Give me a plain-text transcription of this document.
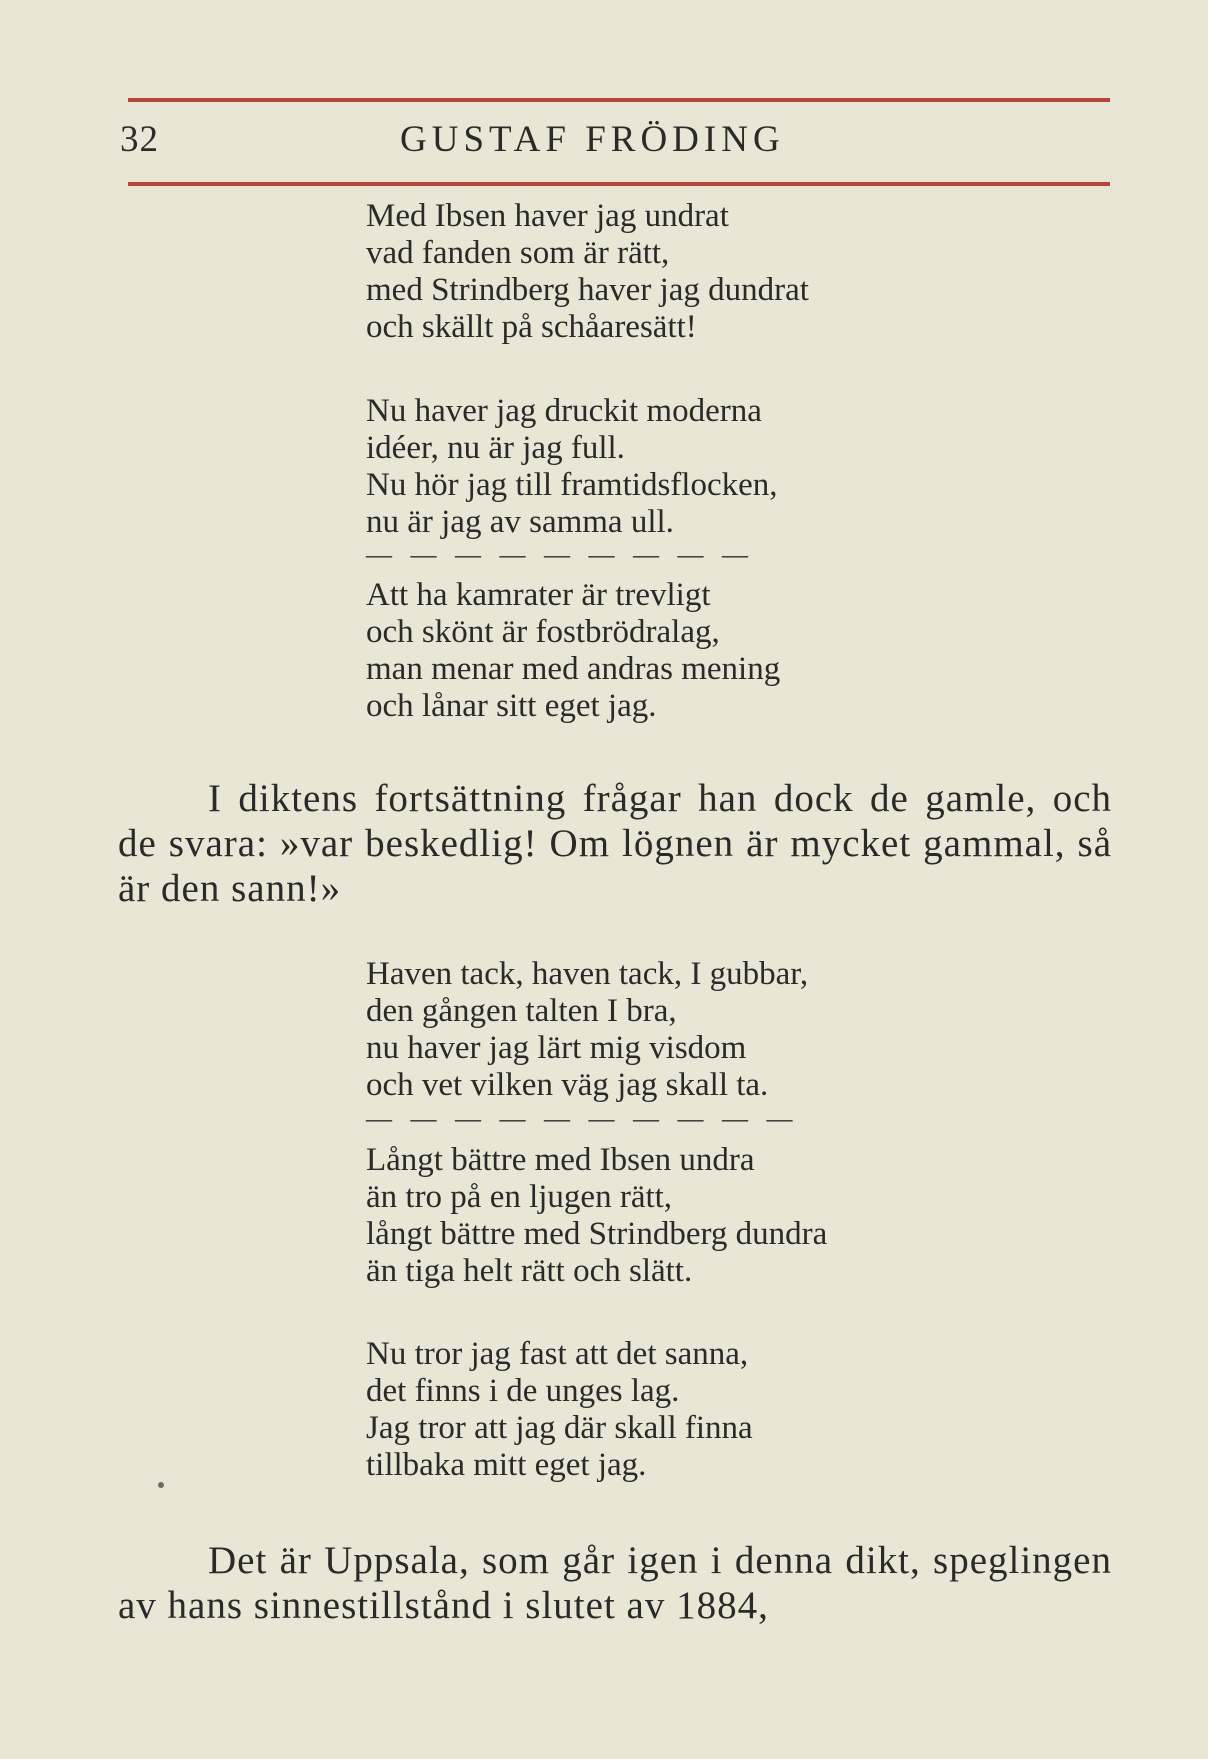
32	GUSTAF FRÖDING
Med Ibsen haver jag undrat
vad fanden som är rätt,
med Strindberg haver jag dundrat
och skällt på schåaresätt!
Nu haver jag druckit moderna
idéer, nu är jag full.
Nu hör jag till framtidsflocken,
nu är jag av samma ull.
— — — — — — — — —
Att ha kamrater är trevligt
och skönt är fostbrödralag,
man menar med andras mening
och lånar sitt eget jag.
I diktens fortsättning frågar han dock de gamle, och de svara: »var beskedlig! Om lögnen är mycket gammal, så är den sann!»
Haven tack, haven tack, I gubbar,
den gången talten I bra,
nu haver jag lärt mig visdom
och vet vilken väg jag skall ta.
— — — — — — — — — —
Långt bättre med Ibsen undra
än tro på en ljugen rätt,
långt bättre med Strindberg dundra
än tiga helt rätt och slätt.
Nu tror jag fast att det sanna,
det finns i de unges lag.
Jag tror att jag där skall finna
tillbaka mitt eget jag.
Det är Uppsala, som går igen i denna dikt, speglingen av hans sinnestillstånd i slutet av 1884,
